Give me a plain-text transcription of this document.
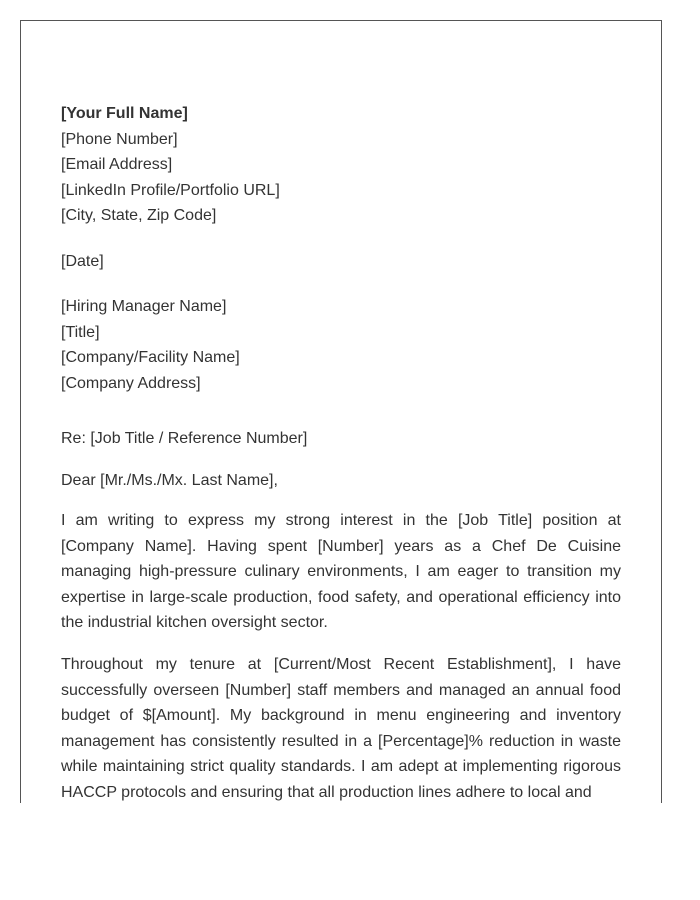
[Your Full Name]
[Phone Number]
[Email Address]
[LinkedIn Profile/Portfolio URL]
[City, State, Zip Code]
[Date]
[Hiring Manager Name]
[Title]
[Company/Facility Name]
[Company Address]
Re: [Job Title / Reference Number]
Dear [Mr./Ms./Mx. Last Name],

I am writing to express my strong interest in the [Job Title] position at [Company Name]. Having spent [Number] years as a Chef De Cuisine managing high-pressure culinary environments, I am eager to transition my expertise in large-scale production, food safety, and operational efficiency into the industrial kitchen oversight sector.

Throughout my tenure at [Current/Most Recent Establishment], I have successfully overseen [Number] staff members and managed an annual food budget of $[Amount]. My background in menu engineering and inventory management has consistently resulted in a [Percentage]% reduction in waste while maintaining strict quality standards. I am adept at implementing rigorous HACCP protocols and ensuring that all production lines adhere to local and
